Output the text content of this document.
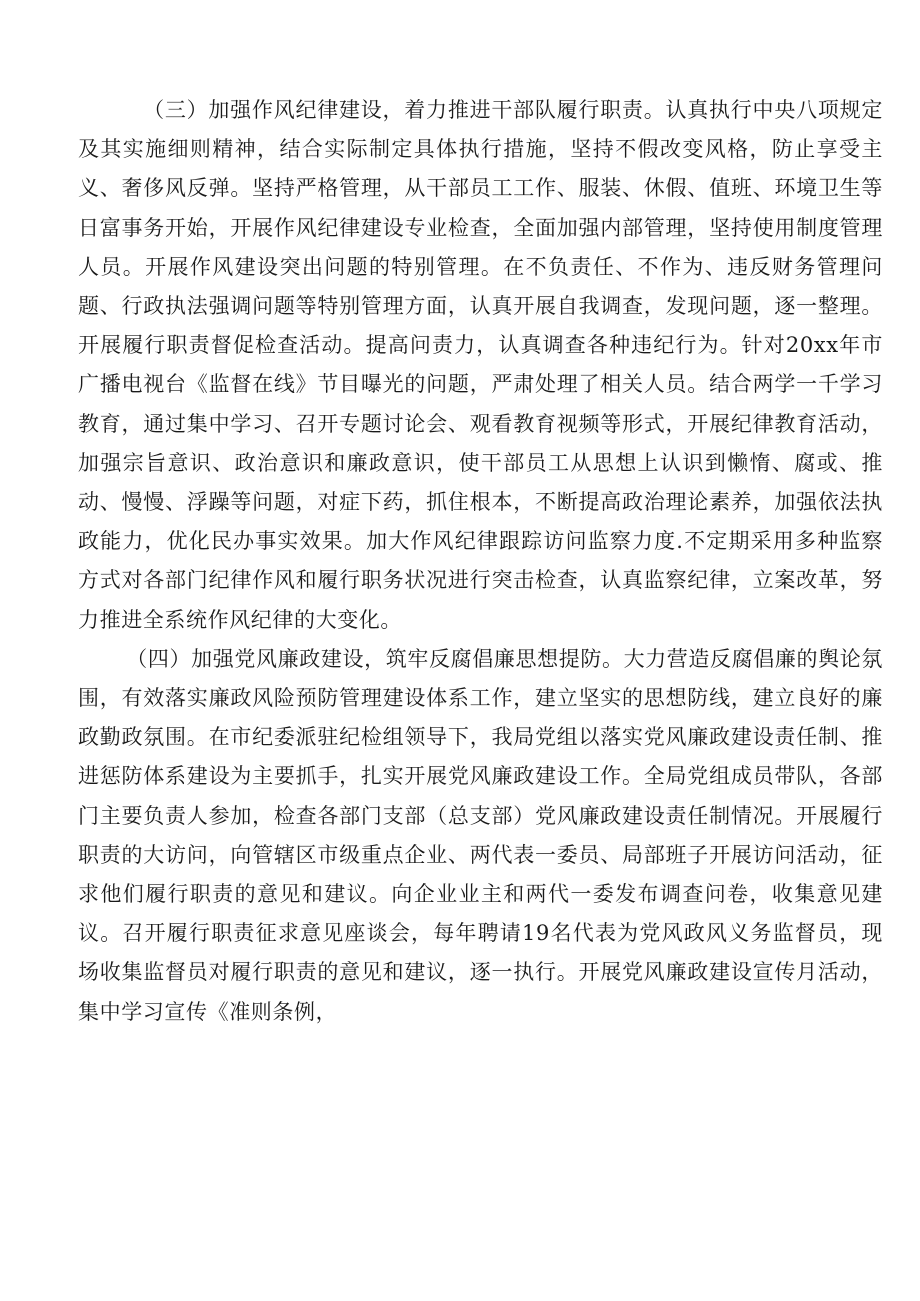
（三）加强作风纪律建设，着力推进干部队履行职责。认真执行中央八项规定及其实施细则精神，结合实际制定具体执行措施，坚持不假改变风格，防止享受主义、奢侈风反弹。坚持严格管理，从干部员工工作、服装、休假、值班、环境卫生等日富事务开始，开展作风纪律建设专业检查，全面加强内部管理，坚持使用制度管理人员。开展作风建设突出问题的特别管理。在不负责任、不作为、违反财务管理问题、行政执法强调问题等特别管理方面，认真开展自我调查，发现问题，逐一整理。开展履行职责督促检查活动。提高问责力，认真调查各种违纪行为。针对20xx年市广播电视台《监督在线》节目曝光的问题，严肃处理了相关人员。结合两学一千学习教育，通过集中学习、召开专题讨论会、观看教育视频等形式，开展纪律教育活动，加强宗旨意识、政治意识和廉政意识，使干部员工从思想上认识到懒惰、腐或、推动、慢慢、浮躁等问题，对症下药，抓住根本，不断提高政治理论素养，加强依法执政能力，优化民办事实效果。加大作风纪律跟踪访问监察力度.不定期采用多种监察方式对各部门纪律作风和履行职务状况进行突击检查，认真监察纪律，立案改革，努力推进全系统作风纪律的大变化。

（四）加强党风廉政建设，筑牢反腐倡廉思想提防。大力营造反腐倡廉的舆论氛围，有效落实廉政风险预防管理建设体系工作，建立坚实的思想防线，建立良好的廉政勤政氛围。在市纪委派驻纪检组领导下，我局党组以落实党风廉政建设责任制、推进惩防体系建设为主要抓手，扎实开展党风廉政建设工作。全局党组成员带队，各部门主要负责人参加，检查各部门支部（总支部）党风廉政建设责任制情况。开展履行职责的大访问，向管辖区市级重点企业、两代表一委员、局部班子开展访问活动，征求他们履行职责的意见和建议。向企业业主和两代一委发布调查问卷，收集意见建议。召开履行职责征求意见座谈会，每年聘请19名代表为党风政风义务监督员，现场收集监督员对履行职责的意见和建议，逐一执行。开展党风廉政建设宣传月活动，集中学习宣传《准则条例，
